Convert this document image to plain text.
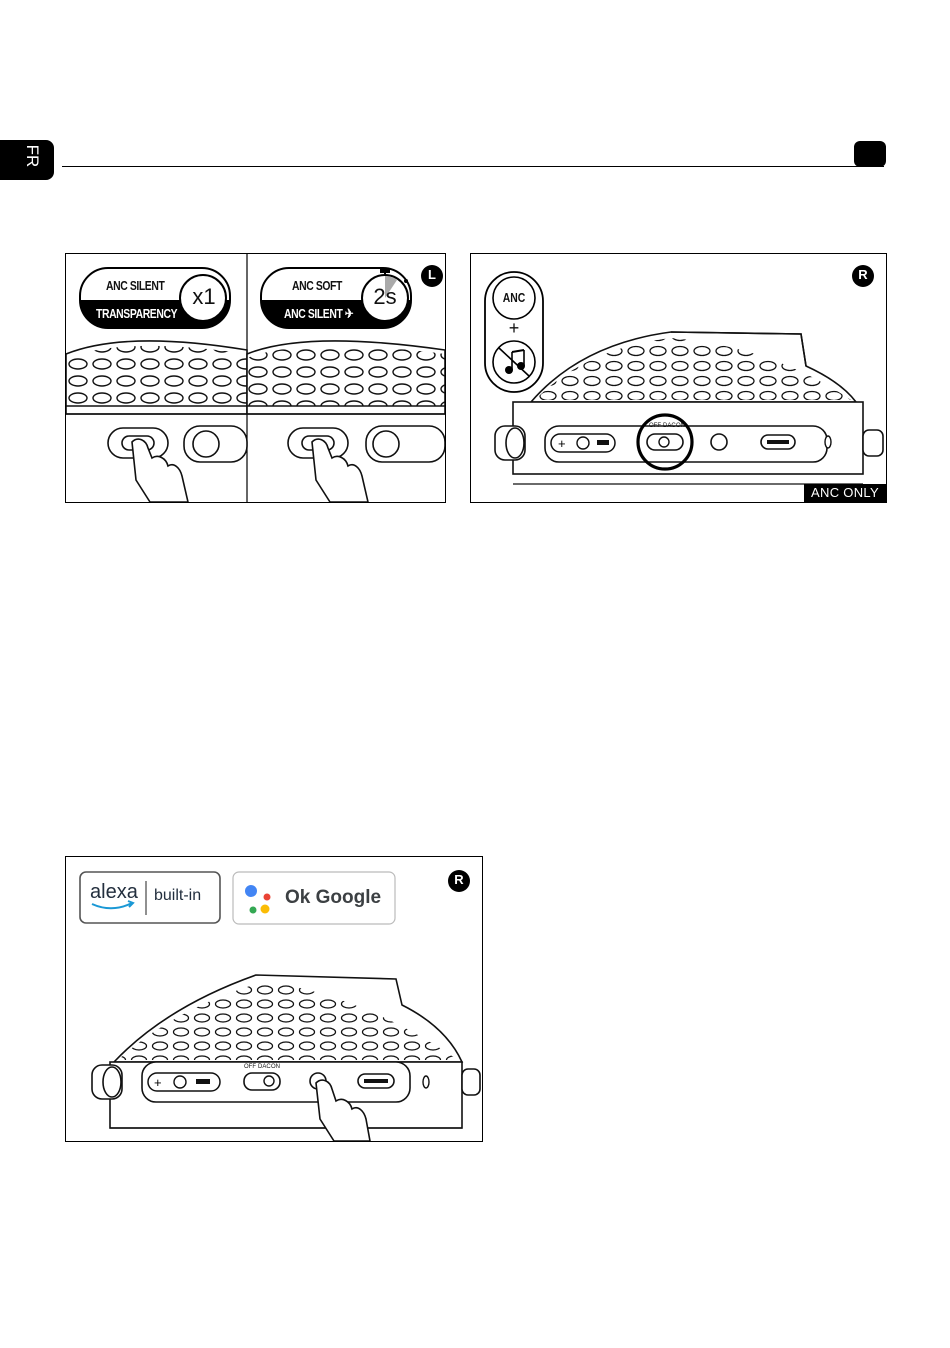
FR
ANC SILENT
TRANSPARENCY
x1	ANC SOFT
ANC SILENT ✈
2s
L
+
ANC
+
R
OFF DAC ON
ANC ONLY
+
alexa built-in	Ok Google
R
OFF DAC ON
